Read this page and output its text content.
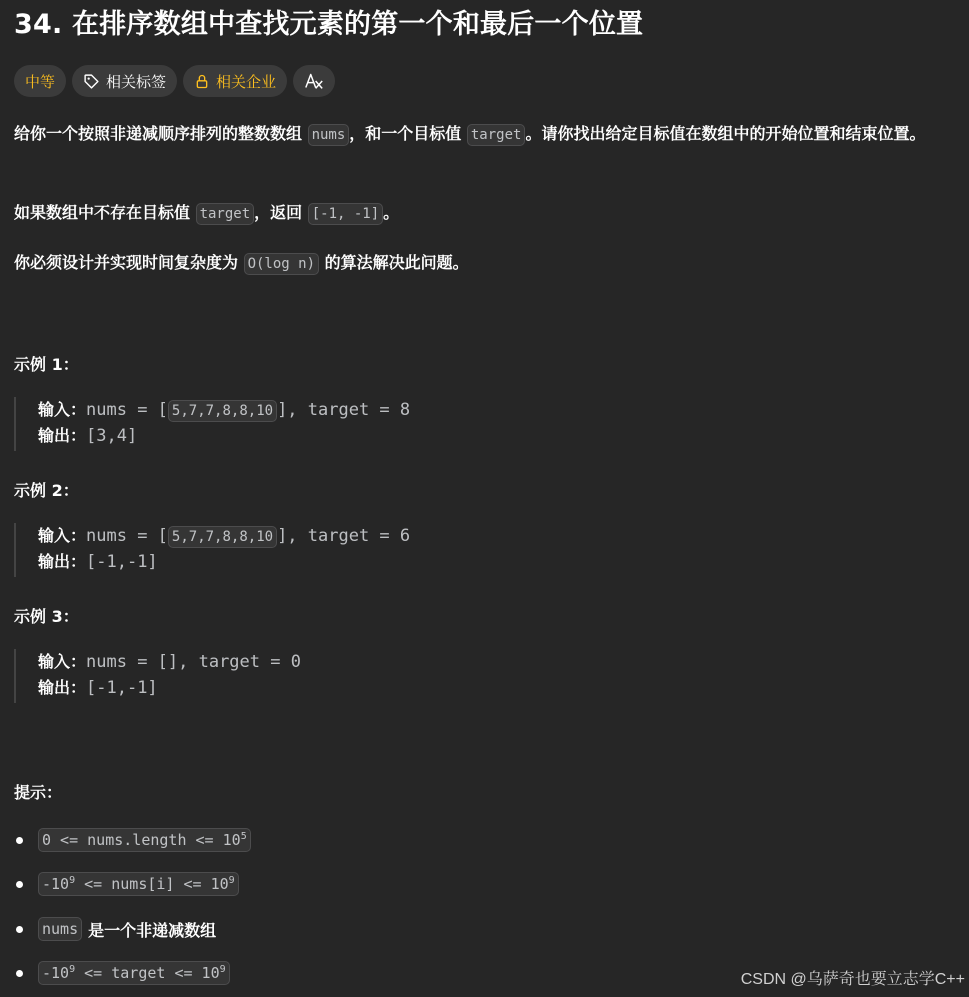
34. 在排序数组中查找元素的第一个和最后一个位置
中等	相关标签	相关企业

给你一个按照非递减顺序排列的整数数组 nums ，和一个目标值 target 。请你找出给定目标值在数组中的开始位置和结束位置。

如果数组中不存在目标值 target ，返回 [-1, -1] 。

你必须设计并实现时间复杂度为 O(log n) 的算法解决此问题。

示例 1：

输入：nums = [ 5,7,7,8,8,10 ], target = 8
输出：[3,4]

示例 2：

输入：nums = [ 5,7,7,8,8,10 ], target = 6
输出：[-1,-1]

示例 3：

输入：nums = [], target = 0
输出：[-1,-1]

提示：

0 <= nums.length <= $10^5$
$-10^9$ <= nums[i] <= $10^9$
nums 是一个非递减数组
$-10^9$ <= target <= $10^9$
CSDN @乌萨奇也要立志学C++
